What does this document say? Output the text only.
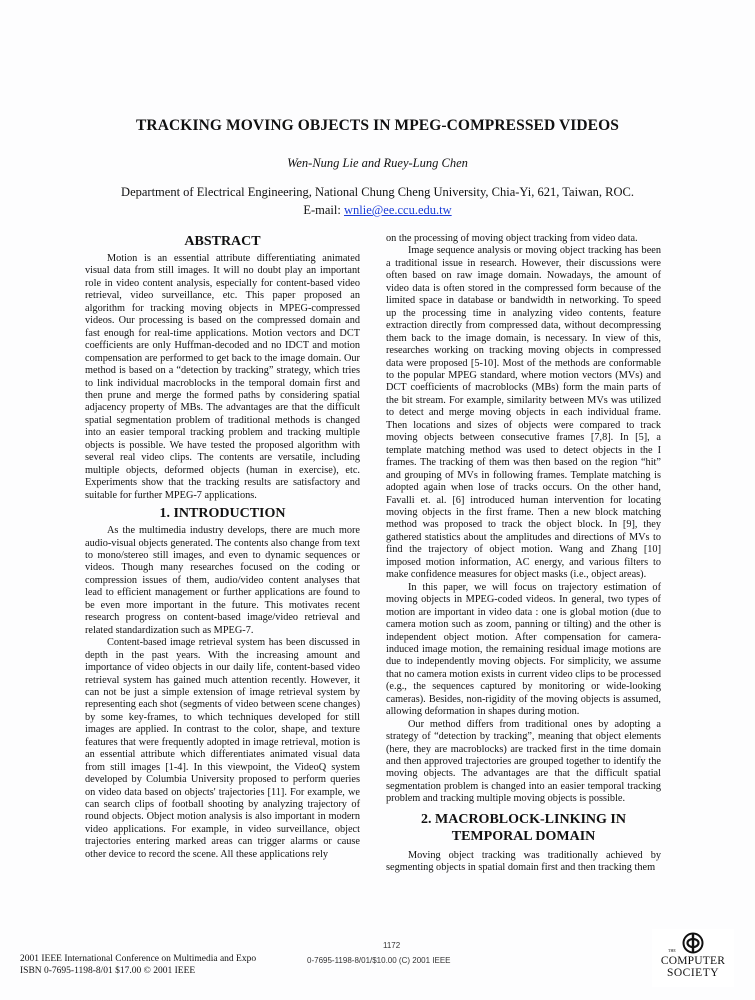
TRACKING MOVING OBJECTS IN MPEG-COMPRESSED VIDEOS
Wen-Nung Lie and Ruey-Lung Chen
Department of Electrical Engineering, National Chung Cheng University, Chia-Yi, 621, Taiwan, ROC.
E-mail: wnlie@ee.ccu.edu.tw
ABSTRACT

Motion is an essential attribute differentiating animated visual data from still images. It will no doubt play an important role in video content analysis, especially for content-based video retrieval, video surveillance, etc. This paper proposed an algorithm for tracking moving objects in MPEG-compressed videos. Our processing is based on the compressed domain and fast enough for real-time applications. Motion vectors and DCT coefficients are only Huffman-decoded and no IDCT and motion compensation are performed to get back to the image domain. Our method is based on a “detection by tracking” strategy, which tries to link individual macroblocks in the temporal domain first and then prune and merge the formed paths by considering spatial adjacency property of MBs. The advantages are that the difficult spatial segmentation problem of traditional methods is changed into an easier temporal tracking problem and tracking multiple objects is possible. We have tested the proposed algorithm with several real video clips. The contents are versatile, including multiple objects, deformed objects (human in exercise), etc. Experiments show that the tracking results are satisfactory and suitable for further MPEG-7 applications.

1. INTRODUCTION

As the multimedia industry develops, there are much more audio-visual objects generated. The contents also change from text to mono/stereo still images, and even to dynamic sequences or videos. Though many researches focused on the coding or compression issues of them, audio/video content analyses that lead to efficient management or further applications are found to be even more important in the future. This motivates recent research progress on content-based image/video retrieval and related standardization such as MPEG-7.

Content-based image retrieval system has been discussed in depth in the past years. With the increasing amount and importance of video objects in our daily life, content-based video retrieval system has gained much attention recently. However, it can not be just a simple extension of image retrieval system by representing each shot (segments of video between scene changes) by some key-frames, to which techniques developed for still images are applied. In contrast to the color, shape, and texture features that were frequently adopted in image retrieval, motion is an essential attribute which differentiates animated visual data from still images [1-4]. In this viewpoint, the VideoQ system developed by Columbia University proposed to perform queries on video data based on objects' trajectories [11]. For example, we can search clips of football shooting by analyzing trajectory of round objects. Object motion analysis is also important in modern video applications. For example, in video surveillance, object trajectories entering marked areas can trigger alarms or cause other device to record the scene. All these applications rely

on the processing of moving object tracking from video data.

Image sequence analysis or moving object tracking has been a traditional issue in research. However, their discussions were often based on raw image domain. Nowadays, the amount of video data is often stored in the compressed form because of the limited space in database or bandwidth in networking. To speed up the processing time in analyzing video contents, feature extraction directly from compressed data, without decompressing them back to the image domain, is necessary. In view of this, researches working on tracking moving objects in compressed data were proposed [5-10]. Most of the methods are conformable to the popular MPEG standard, where motion vectors (MVs) and DCT coefficients of macroblocks (MBs) form the main parts of the bit stream. For example, similarity between MVs was utilized to detect and merge moving objects in each individual frame. Then locations and sizes of objects were compared to track moving objects between consecutive frames [7,8]. In [5], a template matching method was used to detect objects in the I frames. The tracking of them was then based on the region “hit” and grouping of MVs in following frames. Template matching is adopted again when lose of tracks occurs. On the other hand, Favalli et. al. [6] introduced human intervention for locating moving objects in the first frame. Then a new block matching method was proposed to track the object block. In [9], they gathered statistics about the amplitudes and directions of MVs to find the trajectory of object motion. Wang and Zhang [10] imposed motion information, AC energy, and various filters to make confidence measures for object masks (i.e., object areas).

In this paper, we will focus on trajectory estimation of moving objects in MPEG-coded videos. In general, two types of motion are important in video data : one is global motion (due to camera motion such as zoom, panning or tilting) and the other is independent object motion. After compensation for camera-induced image motion, the remaining residual image motions are due to independently moving objects. For simplicity, we assume that no camera motion exists in current video clips to be processed (e.g., the sequences captured by monitoring or wide-looking cameras). Besides, non-rigidity of the moving objects is assumed, allowing deformation in shapes during motion.

Our method differs from traditional ones by adopting a strategy of “detection by tracking”, meaning that object elements (here, they are macroblocks) are tracked first in the time domain and then approved trajectories are grouped together to identify the moving objects. The advantages are that the difficult spatial segmentation problem is changed into an easier temporal tracking problem and tracking multiple moving objects is possible.

2. MACROBLOCK-LINKING IN
TEMPORAL DOMAIN

Moving object tracking was traditionally achieved by segmenting objects in spatial domain first and then tracking them

2001 IEEE International Conference on Multimedia and Expo
ISBN 0-7695-1198-8/01 $17.00 © 2001 IEEE
1172
0-7695-1198-8/01/$10.00 (C) 2001 IEEE
THE
COMPUTER
SOCIETY
